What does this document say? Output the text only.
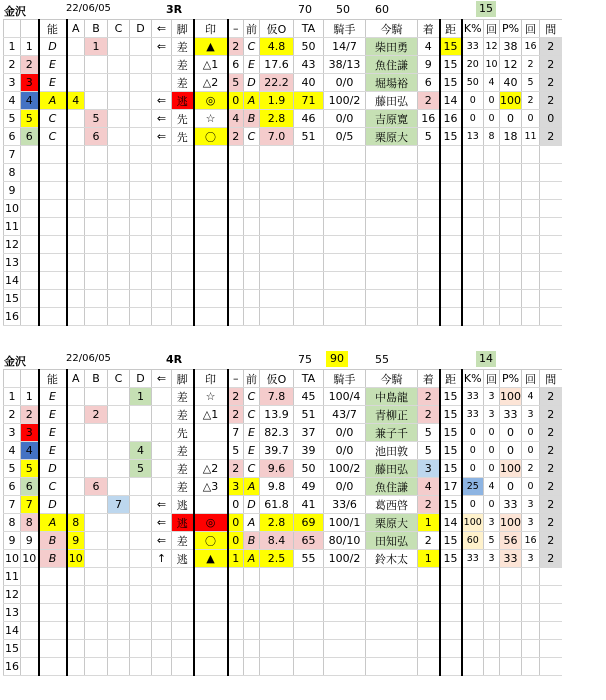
金沢	22/06/05	3R	70 50 60	15
		能	A	B	C	D	⇐	脚	印	–	前	仮O	TA	騎手	今騎	着	距	K%	回	P%	回	間
1	1	D		1			⇐	差	▲	2	C	4.8	50	14/7	柴田勇	4	15	33	12	38	16	2
2	2	E						差	△1	6	E	17.6	43	38/13	魚住謙	9	15	20	10	12	2	2
3	3	E						差	△2	5	D	22.2	40	0/0	堀場裕	6	15	50	4	40	5	2
4	4	A	4				⇐	逃	◎	0	A	1.9	71	100/2	藤田弘	2	14	0	0	100	2	2
5	5	C		5			⇐	先	☆	4	B	2.8	46	0/0	吉原寛	16	16	0	0	0	0	0
6	6	C		6			⇐	先	〇	2	C	7.0	51	0/5	栗原大	5	15	13	8	18	11	2
7																						
8																						
9																						
10																						
11																						
12																						
13																						
14																						
15																						
16																						
金沢	22/06/05	4R	75	90	55	14
		能	A	B	C	D	⇐	脚	印	–	前	仮O	TA	騎手	今騎	着	距	K%	回	P%	回	間
1	1	E				1		差	☆	2	C	7.8	45	100/4	中島龍	2	15	33	3	100	4	2
2	2	E		2				差	△1	2	C	13.9	51	43/7	青柳正	2	15	33	3	33	3	2
3	3	E						先		7	E	82.3	37	0/0	兼子千	5	15	0	0	0	0	2
4	4	E				4		差		5	E	39.7	39	0/0	池田敦	5	15	0	0	0	0	2
5	5	D				5		差	△2	2	C	9.6	50	100/2	藤田弘	3	15	0	0	100	2	2
6	6	C		6				差	△3	3	A	9.8	49	0/0	魚住謙	4	17	25	4	0	0	2
7	7	D			7		⇐	逃		0	D	61.8	41	33/6	葛西啓	2	15	0	0	33	3	2
8	8	A	8				⇐	逃	◎	0	A	2.8	69	100/1	栗原大	1	14	100	3	100	3	2
9	9	B	9				⇐	差	〇	0	B	8.4	65	80/10	田知弘	2	15	60	5	56	16	2
10	10	B	10				↑	逃	▲	1	A	2.5	55	100/2	鈴木太	1	15	33	3	33	3	2
11																						
12																						
13																						
14																						
15																						
16																						
